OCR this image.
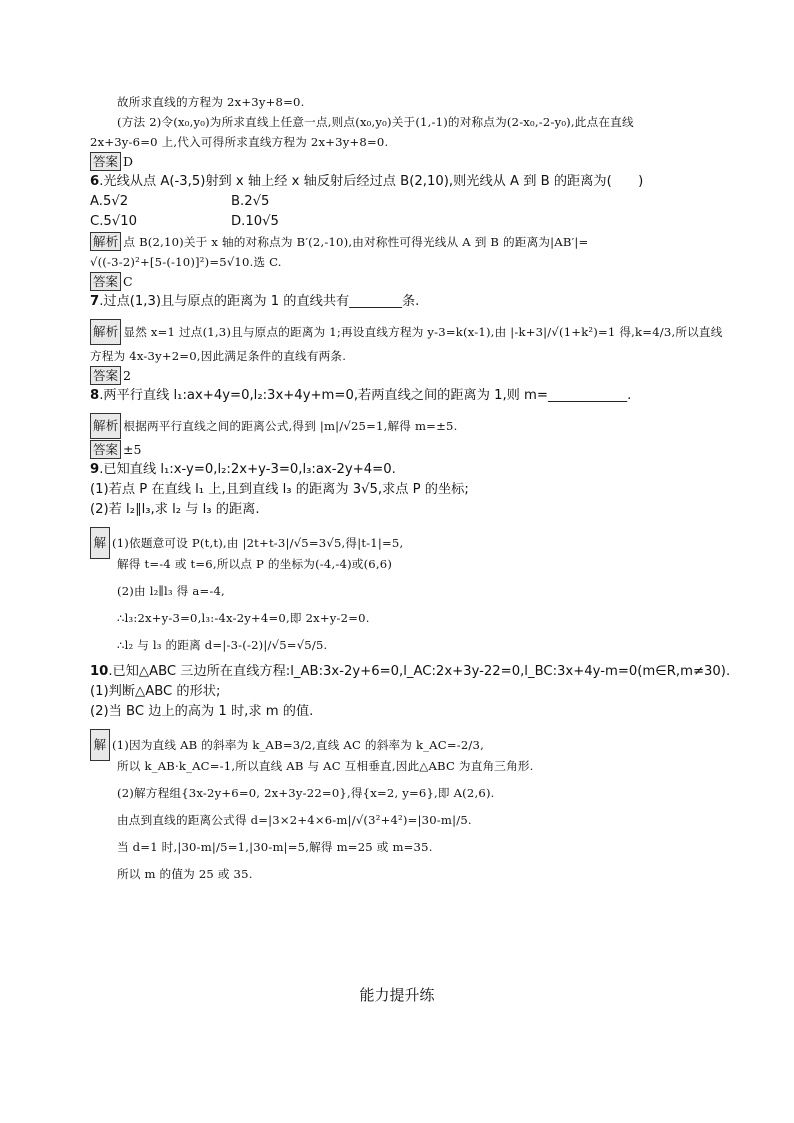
故所求直线的方程为 2x+3y+8=0.
(方法 2)令(x₀,y₀)为所求直线上任意一点,则点(x₀,y₀)关于(1,-1)的对称点为(2-x₀,-2-y₀),此点在直线
2x+3y-6=0 上,代入可得所求直线方程为 2x+3y+8=0.
答案 D
6.光线从点 A(-3,5)射到 x 轴上经 x 轴反射后经过点 B(2,10),则光线从 A 到 B 的距离为(　　)
A.5√2	B.2√5
C.5√10	D.10√5
解析 点 B(2,10)关于 x 轴的对称点为 B′(2,-10),由对称性可得光线从 A 到 B 的距离为|AB′|=
√((-3-2)²+[5-(-10)]²)=5√10.选 C.
答案 C
7.过点(1,3)且与原点的距离为 1 的直线共有________条.
解析 显然 x=1 过点(1,3)且与原点的距离为 1;再设直线方程为 y-3=k(x-1),由 |-k+3|/√(1+k²)=1 得,k=4/3,所以直线
方程为 4x-3y+2=0,因此满足条件的直线有两条.
答案 2
8.两平行直线 l₁:ax+4y=0,l₂:3x+4y+m=0,若两直线之间的距离为 1,则 m=____________.
解析 根据两平行直线之间的距离公式,得到 |m|/√25=1,解得 m=±5.
答案 ±5
9.已知直线 l₁:x-y=0,l₂:2x+y-3=0,l₃:ax-2y+4=0.
(1)若点 P 在直线 l₁ 上,且到直线 l₃ 的距离为 3√5,求点 P 的坐标;
(2)若 l₂∥l₃,求 l₂ 与 l₃ 的距离.
解 (1)依题意可设 P(t,t),由 |2t+t-3|/√5=3√5,得|t-1|=5,
解得 t=-4 或 t=6,所以点 P 的坐标为(-4,-4)或(6,6)
(2)由 l₂∥l₃ 得 a=-4,
∴l₃:2x+y-3=0,l₃:-4x-2y+4=0,即 2x+y-2=0.
∴l₂ 与 l₃ 的距离 d=|-3-(-2)|/√5=√5/5.
10.已知△ABC 三边所在直线方程:l_AB:3x-2y+6=0,l_AC:2x+3y-22=0,l_BC:3x+4y-m=0(m∈R,m≠30).
(1)判断△ABC 的形状;
(2)当 BC 边上的高为 1 时,求 m 的值.
解 (1)因为直线 AB 的斜率为 k_AB=3/2,直线 AC 的斜率为 k_AC=-2/3,
所以 k_AB·k_AC=-1,所以直线 AB 与 AC 互相垂直,因此△ABC 为直角三角形.
(2)解方程组{3x-2y+6=0, 2x+3y-22=0},得{x=2, y=6},即 A(2,6).
由点到直线的距离公式得 d=|3×2+4×6-m|/√(3²+4²)=|30-m|/5.
当 d=1 时,|30-m|/5=1,|30-m|=5,解得 m=25 或 m=35.
所以 m 的值为 25 或 35.
能力提升练
